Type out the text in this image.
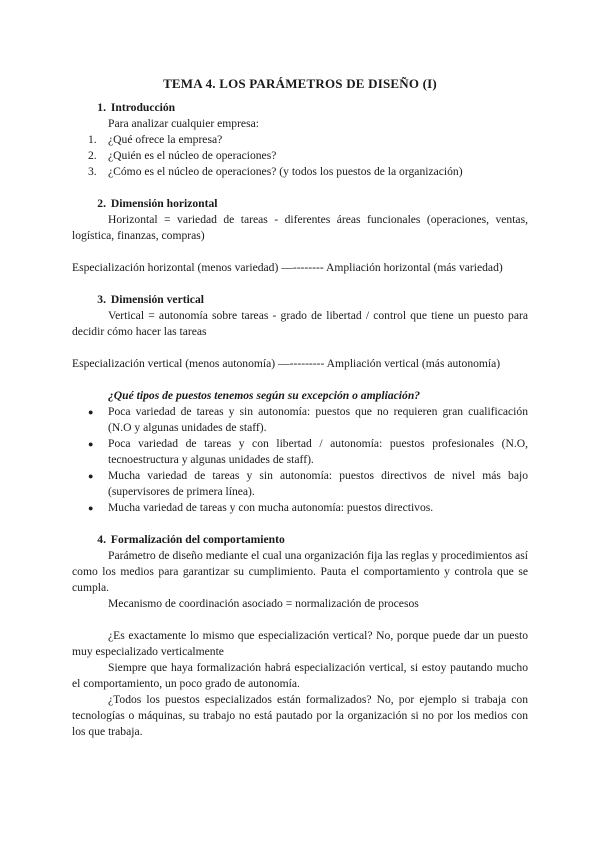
TEMA 4. LOS PARÁMETROS DE DISEÑO (I)
1. Introducción

Para analizar cualquier empresa:

1. ¿Qué ofrece la empresa?
2. ¿Quién es el núcleo de operaciones?
3. ¿Cómo es el núcleo de operaciones? (y todos los puestos de la organización)
2. Dimensión horizontal

Horizontal = variedad de tareas - diferentes áreas funcionales (operaciones, ventas, logística, finanzas, compras)

Especialización horizontal (menos variedad) —-------- Ampliación horizontal (más variedad)

3. Dimensión vertical

Vertical = autonomía sobre tareas - grado de libertad / control que tiene un puesto para decidir cómo hacer las tareas

Especialización vertical (menos autonomía) —--------- Ampliación vertical (más autonomía)

¿Qué tipos de puestos tenemos según su excepción o ampliación?

● Poca variedad de tareas y sin autonomía: puestos que no requieren gran cualificación (N.O y algunas unidades de staff).
● Poca variedad de tareas y con libertad / autonomía: puestos profesionales (N.O, tecnoestructura y algunas unidades de staff).
● Mucha variedad de tareas y sin autonomía: puestos directivos de nivel más bajo (supervisores de primera línea).
● Mucha variedad de tareas y con mucha autonomía: puestos directivos.
4. Formalización del comportamiento

Parámetro de diseño mediante el cual una organización fija las reglas y procedimientos así como los medios para garantizar su cumplimiento. Pauta el comportamiento y controla que se cumpla.

Mecanismo de coordinación asociado = normalización de procesos

¿Es exactamente lo mismo que especialización vertical? No, porque puede dar un puesto muy especializado verticalmente

Siempre que haya formalización habrá especialización vertical, si estoy pautando mucho el comportamiento, un poco grado de autonomía.

¿Todos los puestos especializados están formalizados? No, por ejemplo si trabaja con tecnologías o máquinas, su trabajo no está pautado por la organización si no por los medios con los que trabaja.
